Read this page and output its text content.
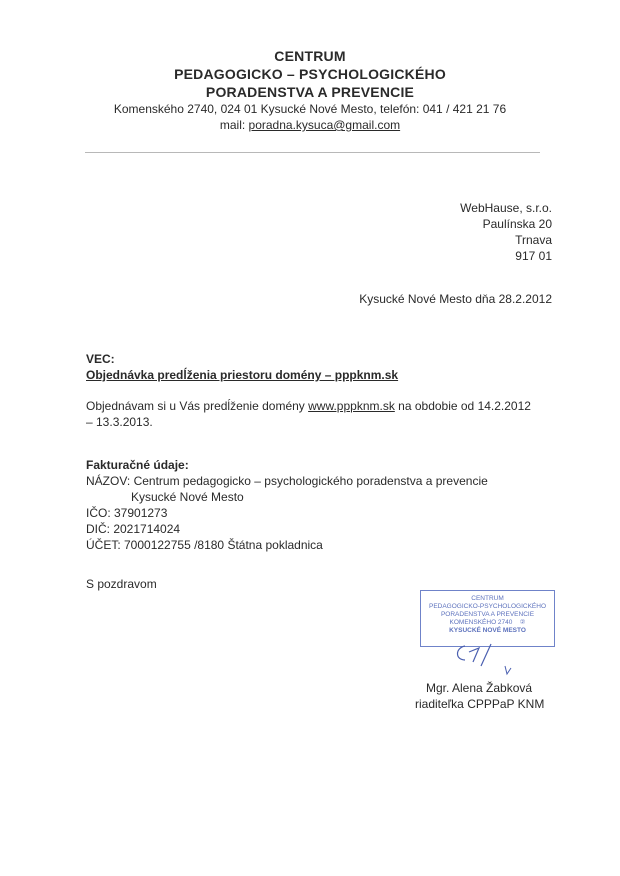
CENTRUM
PEDAGOGICKO – PSYCHOLOGICKÉHO
PORADENSTVA A PREVENCIE
Komenského 2740, 024 01 Kysucké Nové Mesto, telefón: 041 / 421 21 76
mail: poradna.kysuca@gmail.com
WebHause, s.r.o.
Paulínska 20
Trnava
917 01
Kysucké Nové Mesto dňa 28.2.2012
VEC:
Objednávka predĺženia priestoru domény – pppknm.sk
Objednávam si u Vás predĺženie domény www.pppknm.sk na obdobie od 14.2.2012
– 13.3.2013.
Fakturačné údaje:
NÁZOV: Centrum pedagogicko – psychologického poradenstva a prevencie
Kysucké Nové Mesto
IČO: 37901273
DIČ: 2021714024
ÚČET: 7000122755 /8180 Štátna pokladnica
S pozdravom
CENTRUM
PEDAGOGICKO-PSYCHOLOGICKÉHO
PORADENSTVA A PREVENCIE
KOMENSKÉHO 2740 ②
KYSUCKÉ NOVÉ MESTO
Mgr. Alena Žabková
riaditeľka CPPPaP KNM
